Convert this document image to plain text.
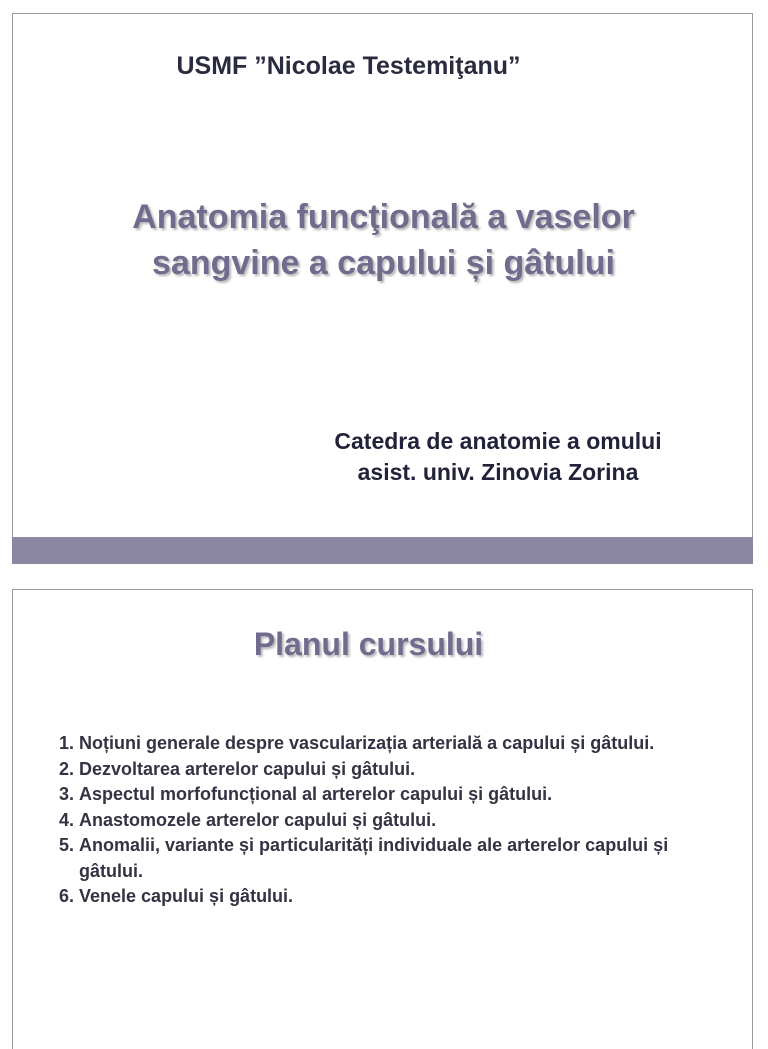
USMF ”Nicolae Testemiţanu”
Anatomia funcţională a vaselor
sangvine a capului și gâtului
Catedra de anatomie a omului
asist. univ. Zinovia Zorina
Planul cursului
1. Noțiuni generale despre vascularizația arterială a capului și gâtului.
2. Dezvoltarea arterelor capului și gâtului.
3. Aspectul morfofuncțional al arterelor capului și gâtului.
4. Anastomozele arterelor capului și gâtului.
5. Anomalii, variante și particularități individuale ale arterelor capului și gâtului.
6. Venele capului și gâtului.
